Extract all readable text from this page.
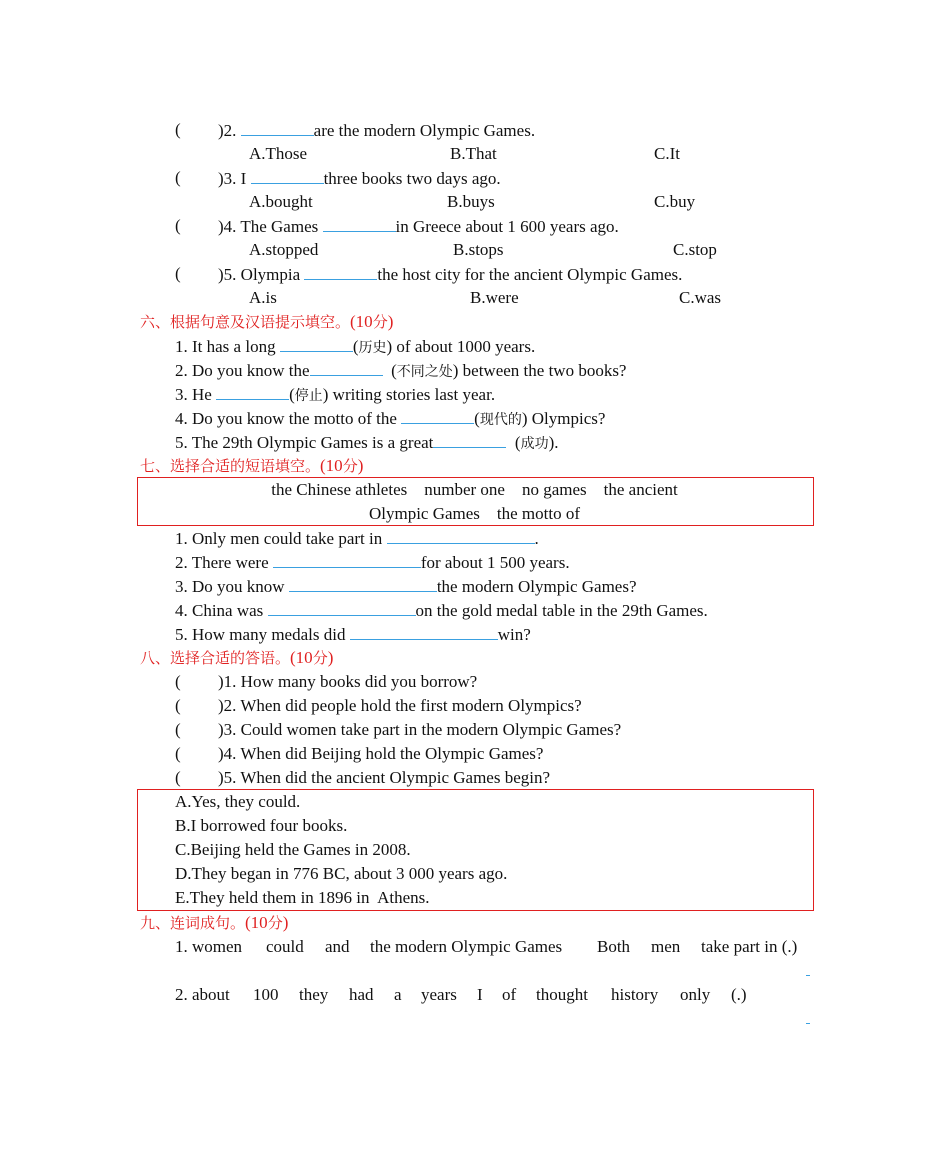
( )2.	are the modern Olympic Games.
A.Those	B.That	C.It
( )3. I	three books two days ago.
A.bought	B.buys	C.buy
( )4. The Games	in Greece about 1 600 years ago.
A.stopped	B.stops	C.stop
( )5. Olympia	the host city for the ancient Olympic Games.
A.is	B.were	C.was
六、根据句意及汉语提示填空。(10分)
1. It has a long	(历史) of about 1000 years.
2. Do you know the	(不同之处) between the two books?
3. He	(停止) writing stories last year.
4. Do you know the motto of the	(现代的) Olympics?
5. The 29th Olympic Games is a great	(成功).
七、选择合适的短语填空。(10分)
the Chinese athletes    number one    no games    the ancient
Olympic Games    the motto of
1. Only men could take part in	.
2. There were	for about 1 500 years.
3. Do you know	the modern Olympic Games?
4. China was	on the gold medal table in the 29th Games.
5. How many medals did	win?
八、选择合适的答语。(10分)
( )1. How many books did you borrow?
( )2. When did people hold the first modern Olympics?
( )3. Could women take part in the modern Olympic Games?
( )4. When did Beijing hold the Olympic Games?
( )5. When did the ancient Olympic Games begin?
A.Yes, they could.
B.I borrowed four books.
C.Beijing held the Games in 2008.
D.They began in 776 BC, about 3 000 years ago.
E.They held them in 1896 in  Athens.
九、连词成句。(10分)
1. women could and the modern Olympic Games Both men take part in (.)
2. about 100 they had a years I of thought history only (.)
